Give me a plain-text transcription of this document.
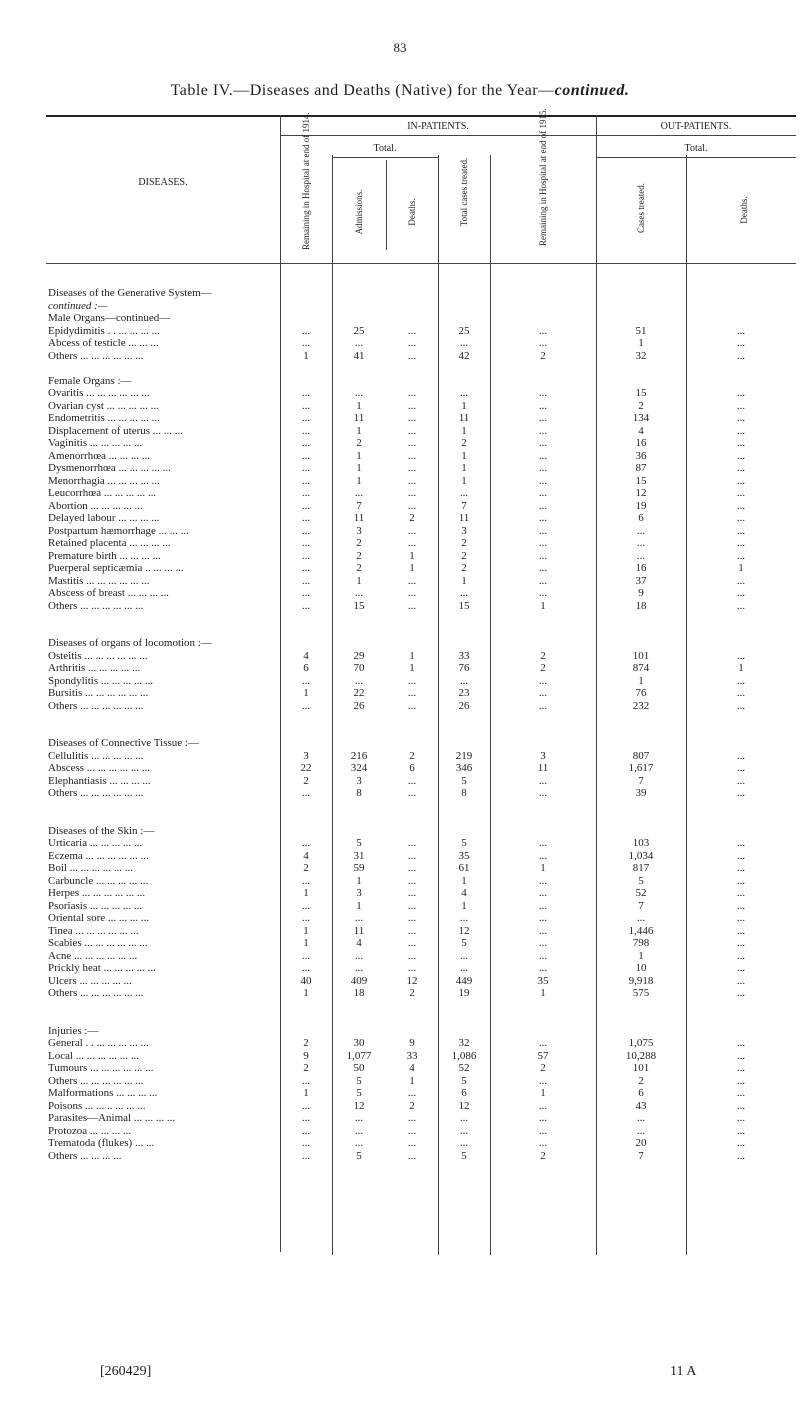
83
Table IV.—Diseases and Deaths (Native) for the Year—continued.
DISEASES.
IN-PATIENTS.	OUT-PATIENTS.
Total.	Total.
Remaining in Hospital at end of 1914.	Admissions.	Deaths.	Total cases treated.	Remaining in Hospital at end of 1915.	Cases treated.	Deaths.
Diseases of the Generative System—
continued :—
Male Organs—continued—
Epidydimitis . . ... ... ... ...	...	25	...	25	...	51	...
Abcess of testicle ... ... ...	...	...	...	...	...	1	...
Others ... ... ... ... ... ...	1	41	...	42	2	32	...
Female Organs :—
Ovaritis ... ... ... ... ... ...	...	...	...	...	...	15	...
Ovarian cyst ... ... ... ... ...	...	1	...	1	...	2	...
Endometritis ... ... ... ... ...	...	11	...	11	...	134	...
Displacement of uterus ... ... ...	...	1	...	1	...	4	...
Vaginitis ... ... ... ... ...	...	2	...	2	...	16	...
Amenorrhœa ... ... ... ...	...	1	...	1	...	36	...
Dysmenorrhœa ... ... ... ... ...	...	1	...	1	...	87	...
Menorrhagia ... ... ... ... ...	...	1	...	1	...	15	...
Leucorrhœa ... ... ... ... ...	...	...	...	...	...	12	...
Abortion ... ... ... ... ...	...	7	...	7	...	19	...
Delayed labour ... ... ... ...	...	11	2	11	...	6	...
Postpartum hæmorrhage ... ... ...	...	3	...	3	...	...	...
Retained placenta ... ... ... ...	...	2	...	2	...	...	...
Premature birth ... ... ... ...	...	2	1	2	...	...	...
Puerperal septicæmia .. ... ... ...	...	2	1	2	...	16	1
Mastitis ... ... ... ... ... ...	...	1	...	1	...	37	...
Abscess of breast ... ... ... ...	...	...	...	...	...	9	...
Others ... ... ... ... ... ...	...	15	...	15	1	18	...
Diseases of organs of locomotion :—
Osteitis ... ... ... ... ... ...	4	29	1	33	2	101	...
Arthritis ... ... ... ... ...	6	70	1	76	2	874	1
Spondylitis ... ... ... ... ...	...	...	...	...	...	1	...
Bursitis ... ... ... ... ... ...	1	22	...	23	...	76	...
Others ... ... ... ... ... ...	...	26	...	26	...	232	...
Diseases of Connective Tissue :—
Cellulitis ... ... ... ... ...	3	216	2	219	3	807	...
Abscess ... ... ... ... ... ...	22	324	6	346	11	1,617	...
Elephantiasis ... ... ... ...	2	3	...	5	...	7	...
Others ... ... ... ... ... ...	...	8	...	8	...	39	...
Diseases of the Skin :—
Urticaria ... ... ... ... ...	...	5	...	5	...	103	...
Eczema ... ... ... ... ... ...	4	31	...	35	...	1,034	...
Boil ... ... ... ... ... ...	2	59	...	61	1	817	...
Carbuncle ... ... ... ... ...	...	1	...	1	...	5	...
Herpes ... ... ... ... ... ...	1	3	...	4	...	52	...
Psoriasis ... ... ... ... ...	...	1	...	1	...	7	...
Oriental sore ... ... ... ...	...	...	...	...	...	...	...
Tinea ... ... ... ... ... ...	1	11	...	12	...	1,446	...
Scabies ... ... ... ... ... ...	1	4	...	5	...	798	...
Acne ... ... ... ... ... ...	...	...	...	...	...	1	...
Prickly heat ... ... ... ... ...	...	...	...	...	...	10	...
Ulcers ... ... ... ... ...	40	409	12	449	35	9,918	...
Others ... ... ... ... ... ...	1	18	2	19	1	575	...
Injuries :—
General . . ... ... ... ... ...	2	30	9	32	...	1,075	...
Local ... ... ... ... ... ...	9	1,077	33	1,086	57	10,288	...
Tumours ... ... ... ... ... ...	2	50	4	52	2	101	...
Others ... ... ... ... ... ...	...	5	1	5	...	2	...
Malformations ... ... ... ...	1	5	...	6	1	6	...
Poisons ... ... .. ... ... ...	...	12	2	12	...	43	...
Parasites—Animal ... ... ... ...	...	...	...	...	...	...	...
Protozoa ... ... ... ...	...	...	...	...	...	...	...
Trematoda (flukes) ... ...	...	...	...	...	...	20	...
Others ... ... ... ...	...	5	...	5	2	7	...
[260429]	11 A
